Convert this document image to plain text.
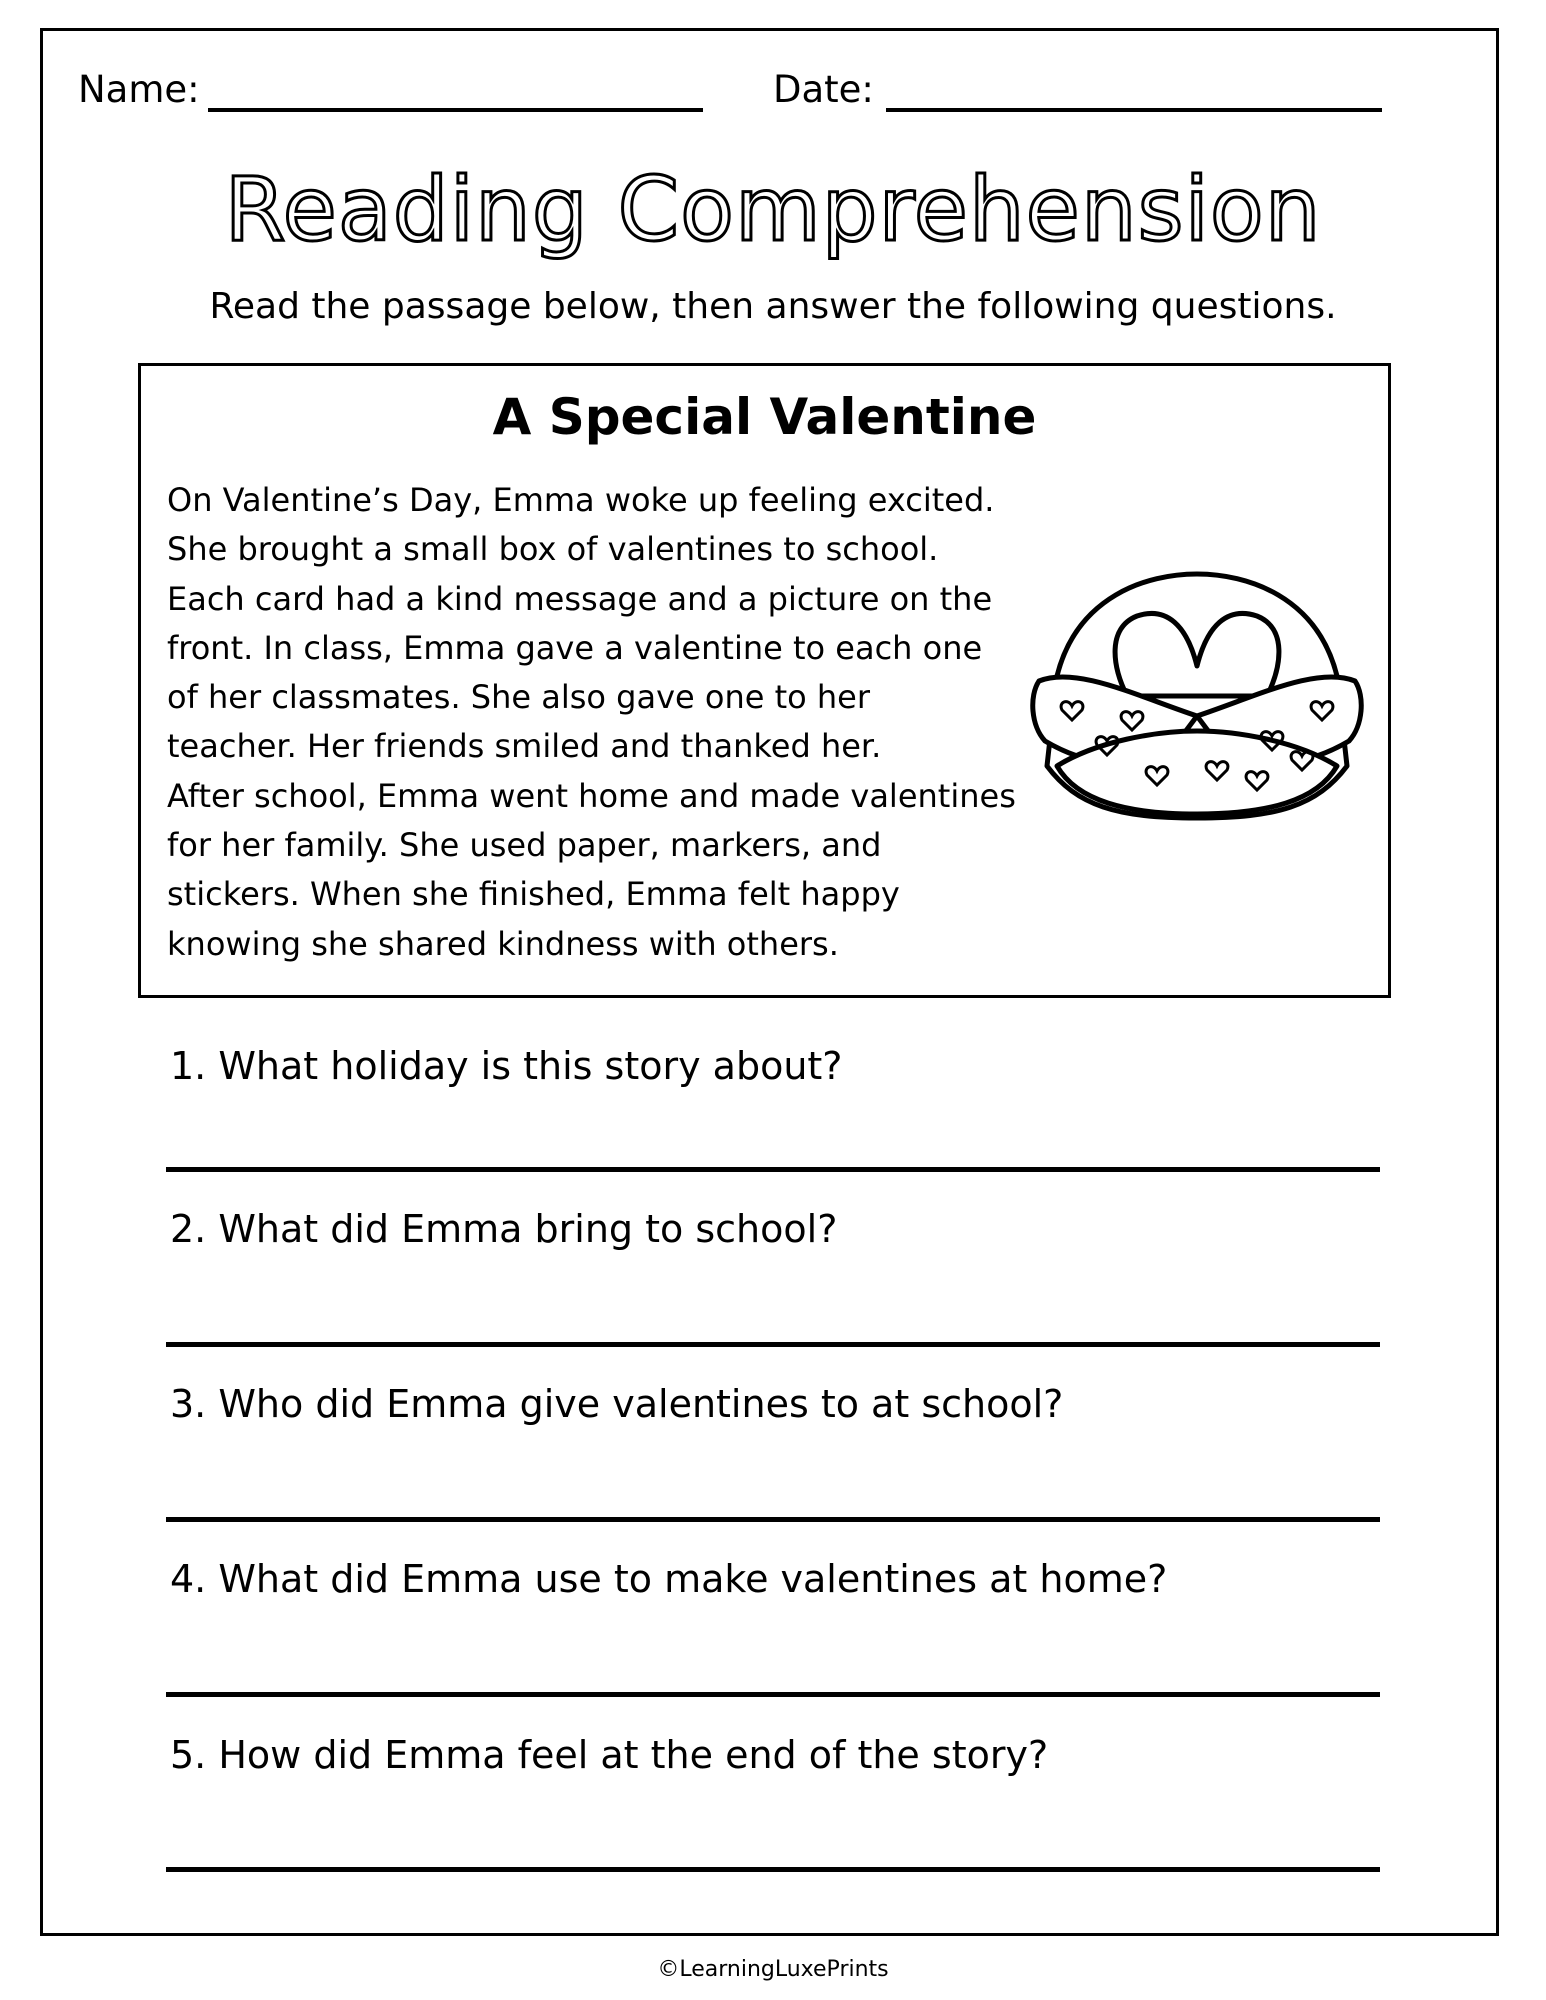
Name:	Date:
Reading Comprehension
Read the passage below, then answer the following questions.
A Special Valentine
On Valentine’s Day, Emma woke up feeling excited.
She brought a small box of valentines to school.
Each card had a kind message and a picture on the
front. In class, Emma gave a valentine to each one
of her classmates. She also gave one to her
teacher. Her friends smiled and thanked her.
After school, Emma went home and made valentines
for her family. She used paper, markers, and
stickers. When she finished, Emma felt happy
knowing she shared kindness with others.
1. What holiday is this story about?
2. What did Emma bring to school?
3. Who did Emma give valentines to at school?
4. What did Emma use to make valentines at home?
5. How did Emma feel at the end of the story?
©LearningLuxePrints
